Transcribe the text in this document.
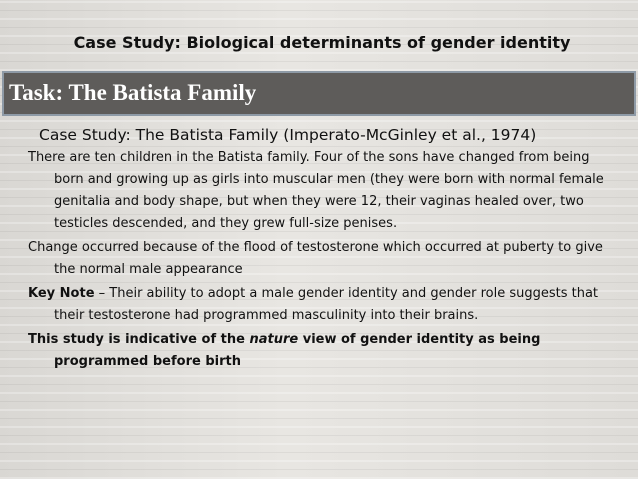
Case Study: Biological determinants of gender identity
Task: The Batista Family

Case Study: The Batista Family (Imperato-McGinley et al., 1974)

There are ten children in the Batista family. Four of the sons have changed from being born and growing up as girls into muscular men (they were born with normal female genitalia and body shape, but when they were 12, their vaginas healed over, two testicles descended, and they grew full-size penises.

Change occurred because of the flood of testosterone which occurred at puberty to give the normal male appearance

Key Note – Their ability to adopt a male gender identity and gender role suggests that their testosterone had programmed masculinity into their brains.

This study is indicative of the nature view of gender identity as being programmed before birth
